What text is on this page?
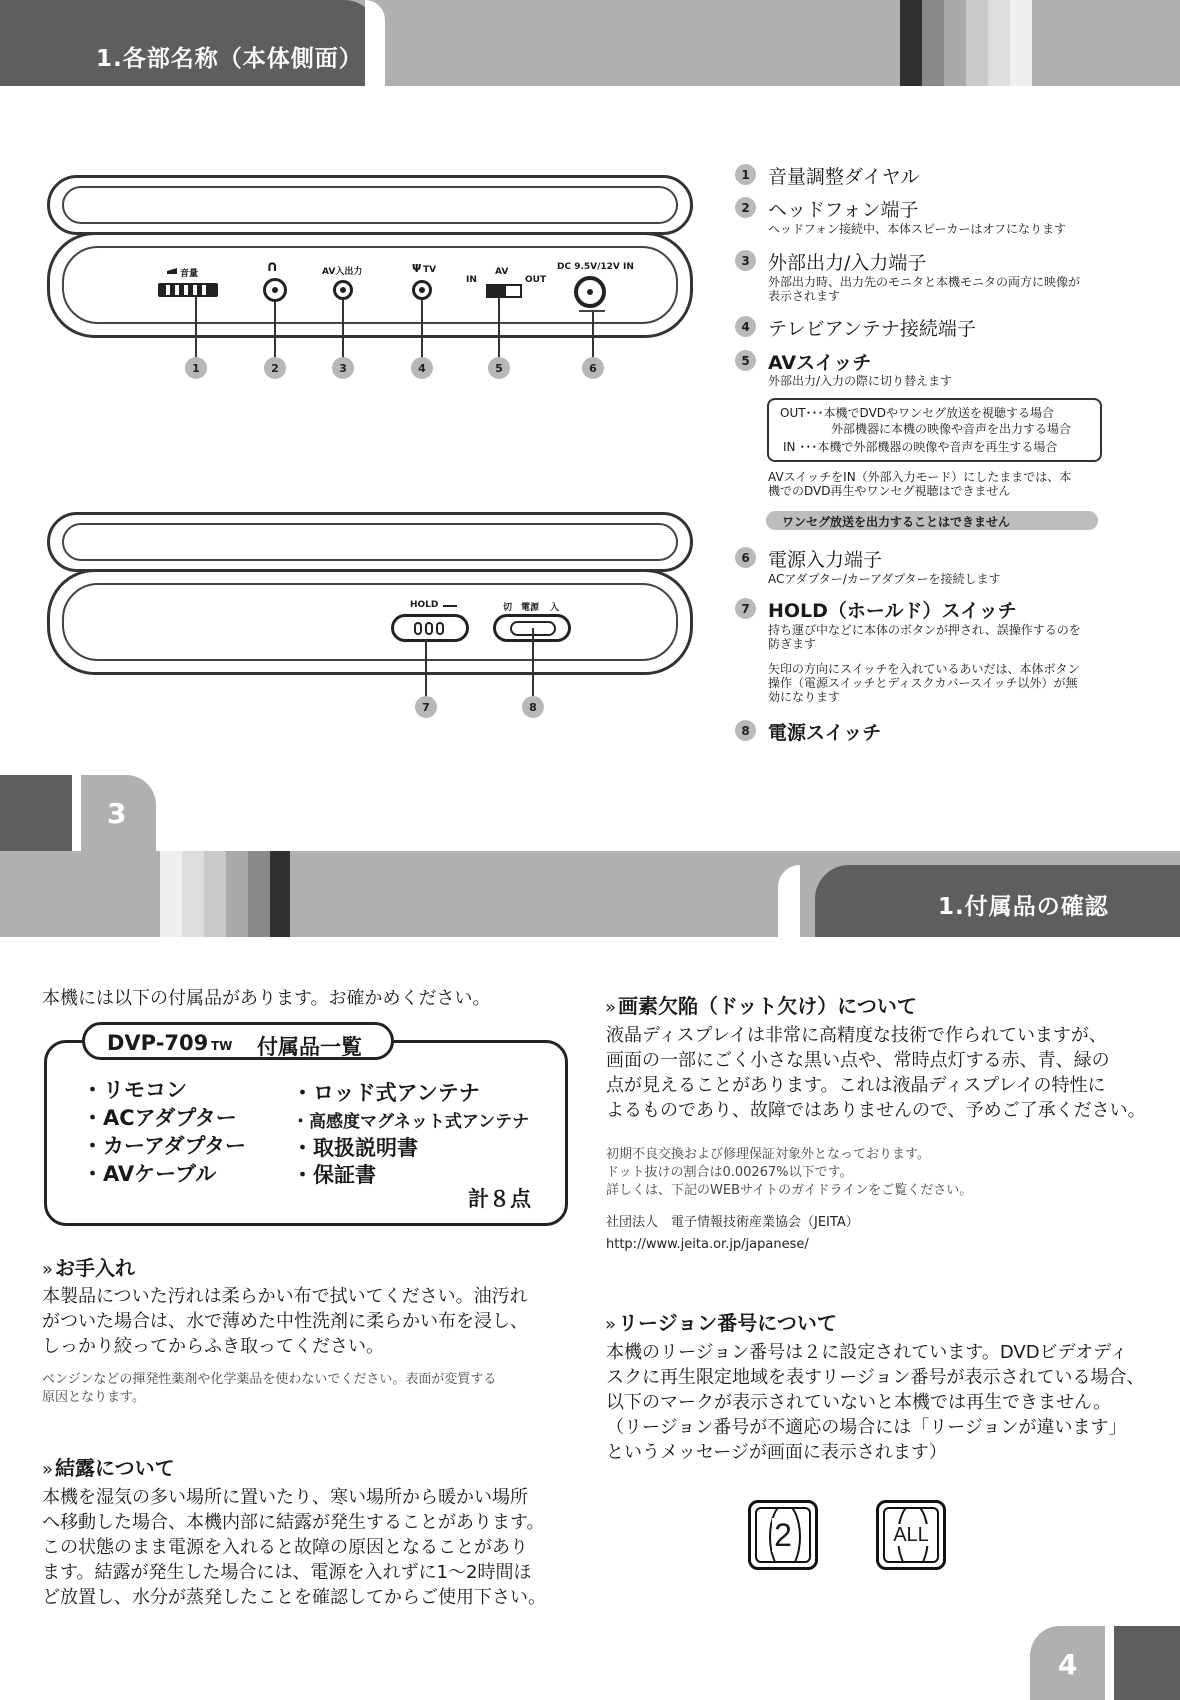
1.各部名称（本体側面）
音量	∩	AV入出力	Ψ TV	AV
IN	OUT
DC 9.5V/12V IN
1	2	3	4	5	6
HOLD	切 電源 入
7	8
1 音量調整ダイヤル
2 ヘッドフォン端子
ヘッドフォン接続中、本体スピーカーはオフになります
3 外部出力/入力端子
外部出力時、出力先のモニタと本機モニタの両方に映像が
表示されます
4 テレビアンテナ接続端子
5 AVスイッチ
外部出力/入力の際に切り替えます
OUT･･･本機でDVDやワンセグ放送を視聴する場合
外部機器に本機の映像や音声を出力する場合
IN ･･･本機で外部機器の映像や音声を再生する場合
AVスイッチをIN（外部入力モード）にしたままでは、本
機でのDVD再生やワンセグ視聴はできません
ワンセグ放送を出力することはできません
6 電源入力端子
ACアダプター/カーアダプターを接続します
7 HOLD（ホールド）スイッチ
持ち運び中などに本体のボタンが押され、誤操作するのを
防ぎます
矢印の方向にスイッチを入れているあいだは、本体ボタン
操作（電源スイッチとディスクカバースイッチ以外）が無
効になります
8 電源スイッチ
3
1.付属品の確認
本機には以下の付属品があります。お確かめください。
DVP-709 TW 付属品一覧
・リモコン
・ACアダプター
・カーアダプター
・AVケーブル
・ロッド式アンテナ
・高感度マグネット式アンテナ
・取扱説明書
・保証書
計８点
» お手入れ
本製品についた汚れは柔らかい布で拭いてください。油汚れ
がついた場合は、水で薄めた中性洗剤に柔らかい布を浸し、
しっかり絞ってからふき取ってください。
ベンジンなどの揮発性薬剤や化学薬品を使わないでください。表面が変質する
原因となります。
» 結露について
本機を湿気の多い場所に置いたり、寒い場所から暖かい場所
へ移動した場合、本機内部に結露が発生することがあります。
この状態のまま電源を入れると故障の原因となることがあり
ます。結露が発生した場合には、電源を入れずに1～2時間ほ
ど放置し、水分が蒸発したことを確認してからご使用下さい。
» 画素欠陥（ドット欠け）について
液晶ディスプレイは非常に高精度な技術で作られていますが、
画面の一部にごく小さな黒い点や、常時点灯する赤、青、緑の
点が見えることがあります。これは液晶ディスプレイの特性に
よるものであり、故障ではありませんので、予めご了承ください。
初期不良交換および修理保証対象外となっております。
ドット抜けの割合は0.00267%以下です。
詳しくは、下記のWEBサイトのガイドラインをご覧ください。
社団法人　電子情報技術産業協会（JEITA）
http://www.jeita.or.jp/japanese/
» リージョン番号について
本機のリージョン番号は２に設定されています。DVDビデオディ
スクに再生限定地域を表すリージョン番号が表示されている場合、
以下のマークが表示されていないと本機では再生できません。
（リージョン番号が不適応の場合には「リージョンが違います」
というメッセージが画面に表示されます）
2	ALL
4
